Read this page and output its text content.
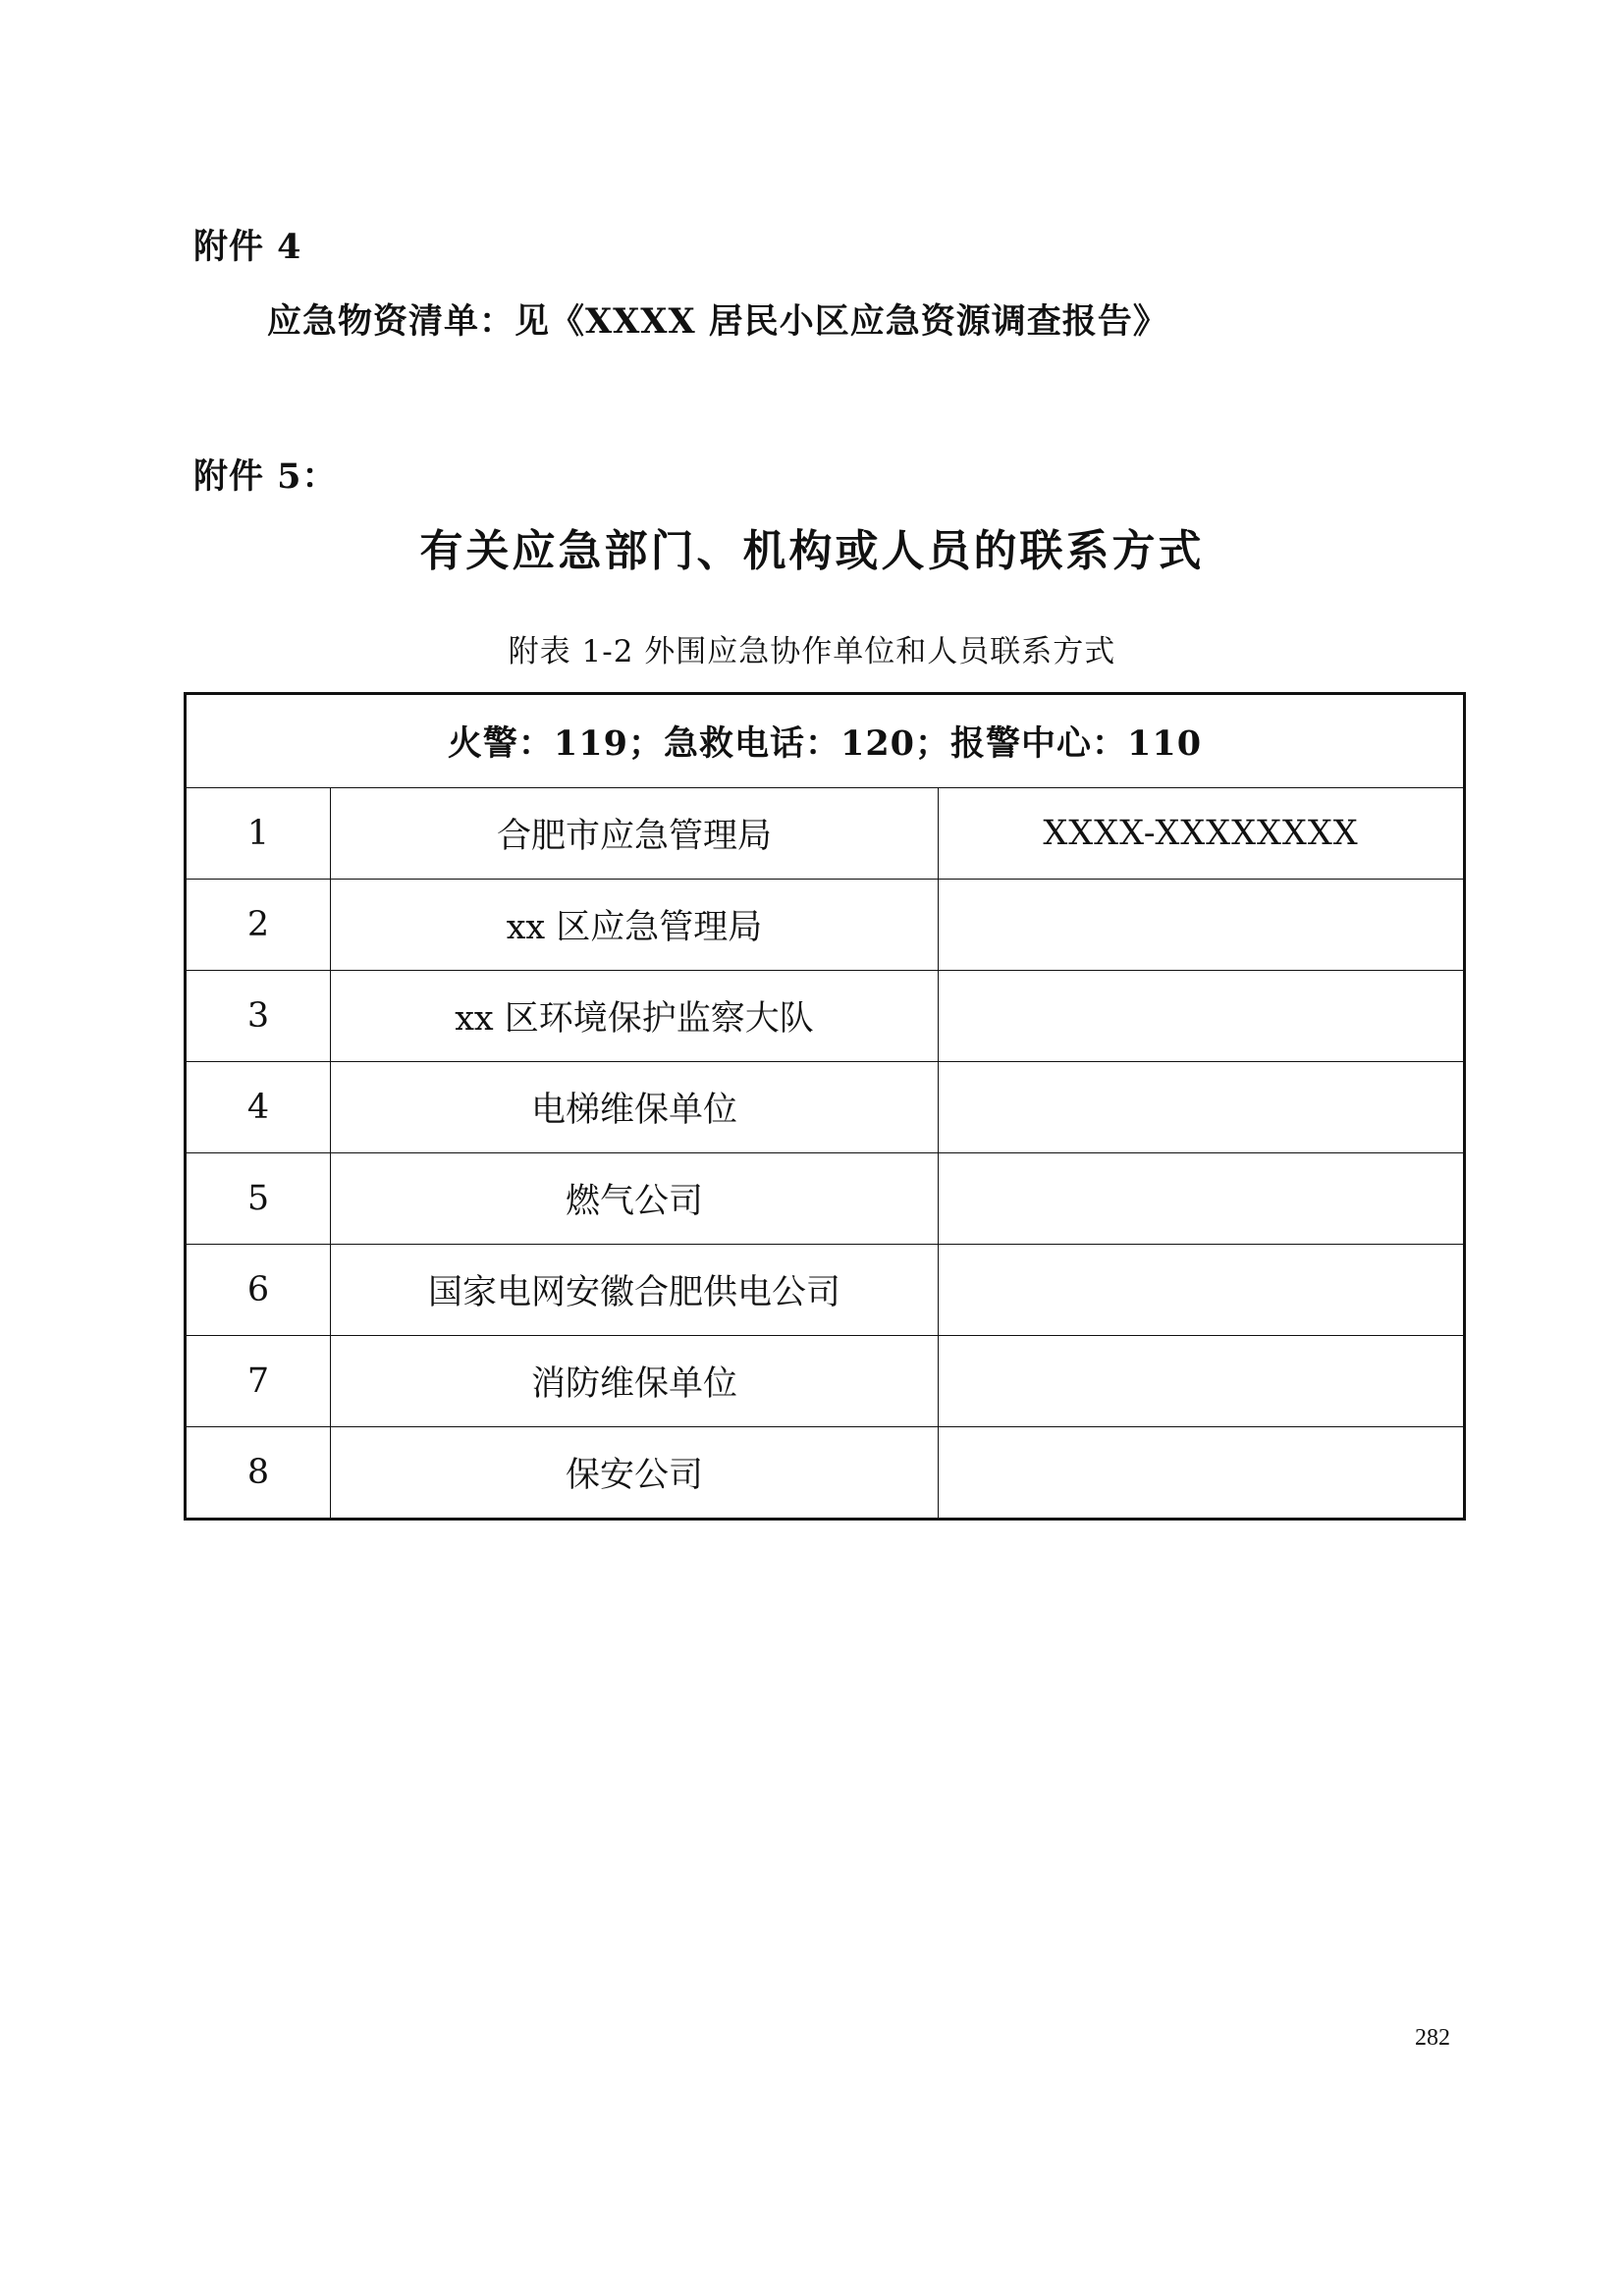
附件 4
应急物资清单：见《XXXX 居民小区应急资源调查报告》
附件 5：
有关应急部门、机构或人员的联系方式
附表 1-2 外围应急协作单位和人员联系方式
火警：119；急救电话：120；报警中心：110		
1	合肥市应急管理局	XXXX-XXXXXXXX
2	xx 区应急管理局	
3	xx 区环境保护监察大队	
4	电梯维保单位	
5	燃气公司	
6	国家电网安徽合肥供电公司	
7	消防维保单位	
8	保安公司	
282
